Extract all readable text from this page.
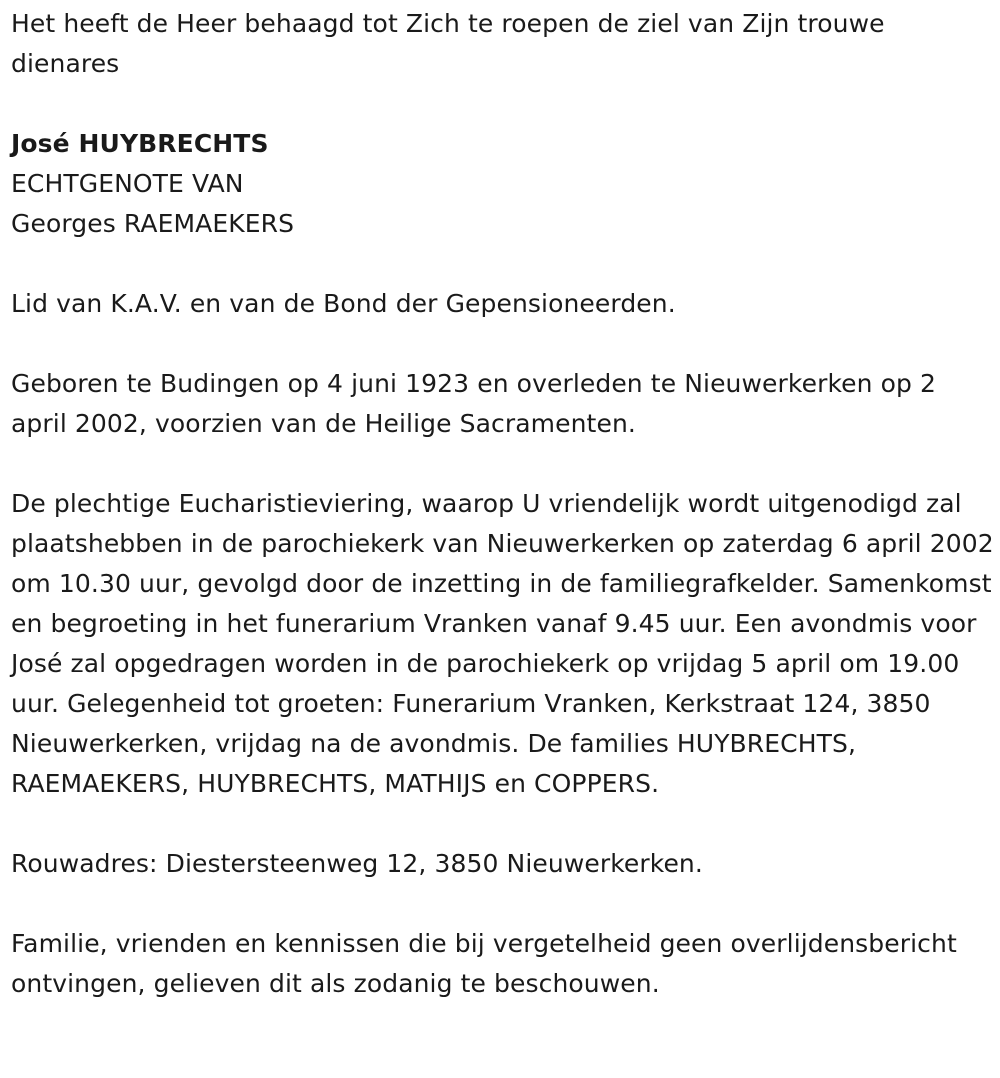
Het heeft de Heer behaagd tot Zich te roepen de ziel van Zijn trouwe dienares

José HUYBRECHTS

ECHTGENOTE VAN

Georges RAEMAEKERS

Lid van K.A.V. en van de Bond der Gepensioneerden.

Geboren te Budingen op 4 juni 1923 en overleden te Nieuwerkerken op 2 april 2002, voorzien van de Heilige Sacramenten.

De plechtige Eucharistieviering, waarop U vriendelijk wordt uitgenodigd zal plaatshebben in de parochiekerk van Nieuwerkerken op zaterdag 6 april 2002 om 10.30 uur, gevolgd door de inzetting in de familiegrafkelder. Samenkomst en begroeting in het funerarium Vranken vanaf 9.45 uur. Een avondmis voor José zal opgedragen worden in de parochiekerk op vrijdag 5 april om 19.00 uur. Gelegenheid tot groeten: Funerarium Vranken, Kerkstraat 124, 3850 Nieuwerkerken, vrijdag na de avondmis. De families HUYBRECHTS, RAEMAEKERS, HUYBRECHTS, MATHIJS en COPPERS.

Rouwadres: Diestersteenweg 12, 3850 Nieuwerkerken.

Familie, vrienden en kennissen die bij vergetelheid geen overlijdensbericht ontvingen, gelieven dit als zodanig te beschouwen.
